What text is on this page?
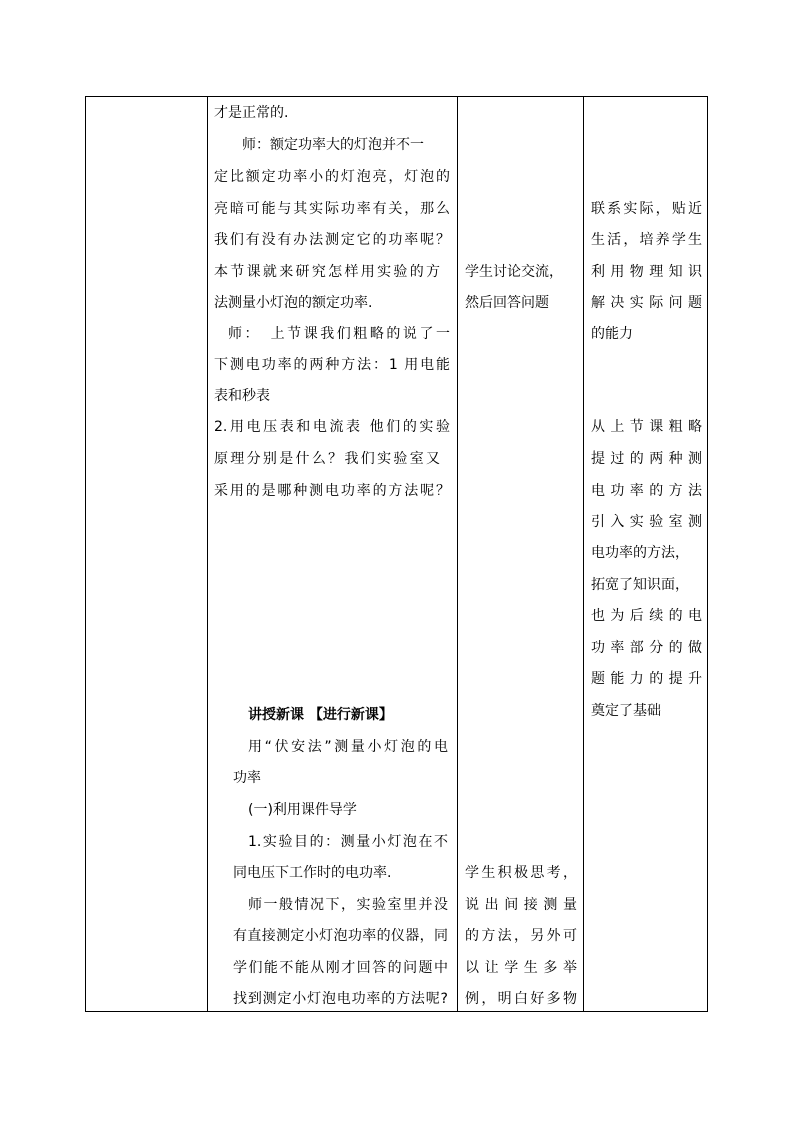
才是正常的.
师：额定功率大的灯泡并不一
定比额定功率小的灯泡亮，灯泡的
亮暗可能与其实际功率有关，那么
我们有没有办法测定它的功率呢？
本节课就来研究怎样用实验的方
法测量小灯泡的额定功率.
师：　上节课我们粗略的说了一
下测电功率的两种方法：1 用电能
表和秒表
2.用电压表和电流表 他们的实验
原理分别是什么？我们实验室又
采用的是哪种测电功率的方法呢？
讲授新课 【进行新课】
用“伏安法”测量小灯泡的电
功率
(一)利用课件导学
1.实验目的：测量小灯泡在不
同电压下工作时的电功率.
师一般情况下，实验室里并没
有直接测定小灯泡功率的仪器，同
学们能不能从刚才回答的问题中
找到测定小灯泡电功率的方法呢?
学生讨论交流，
然后回答问题
学生积极思考，
说出间接测量
的方法，另外可
以让学生多举
例，明白好多物
联系实际，贴近
生活，培养学生
利用物理知识
解决实际问题
的能力
从上节课粗略
提过的两种测
电功率的方法
引入实验室测
电功率的方法，
拓宽了知识面，
也为后续的电
功率部分的做
题能力的提升
奠定了基础
